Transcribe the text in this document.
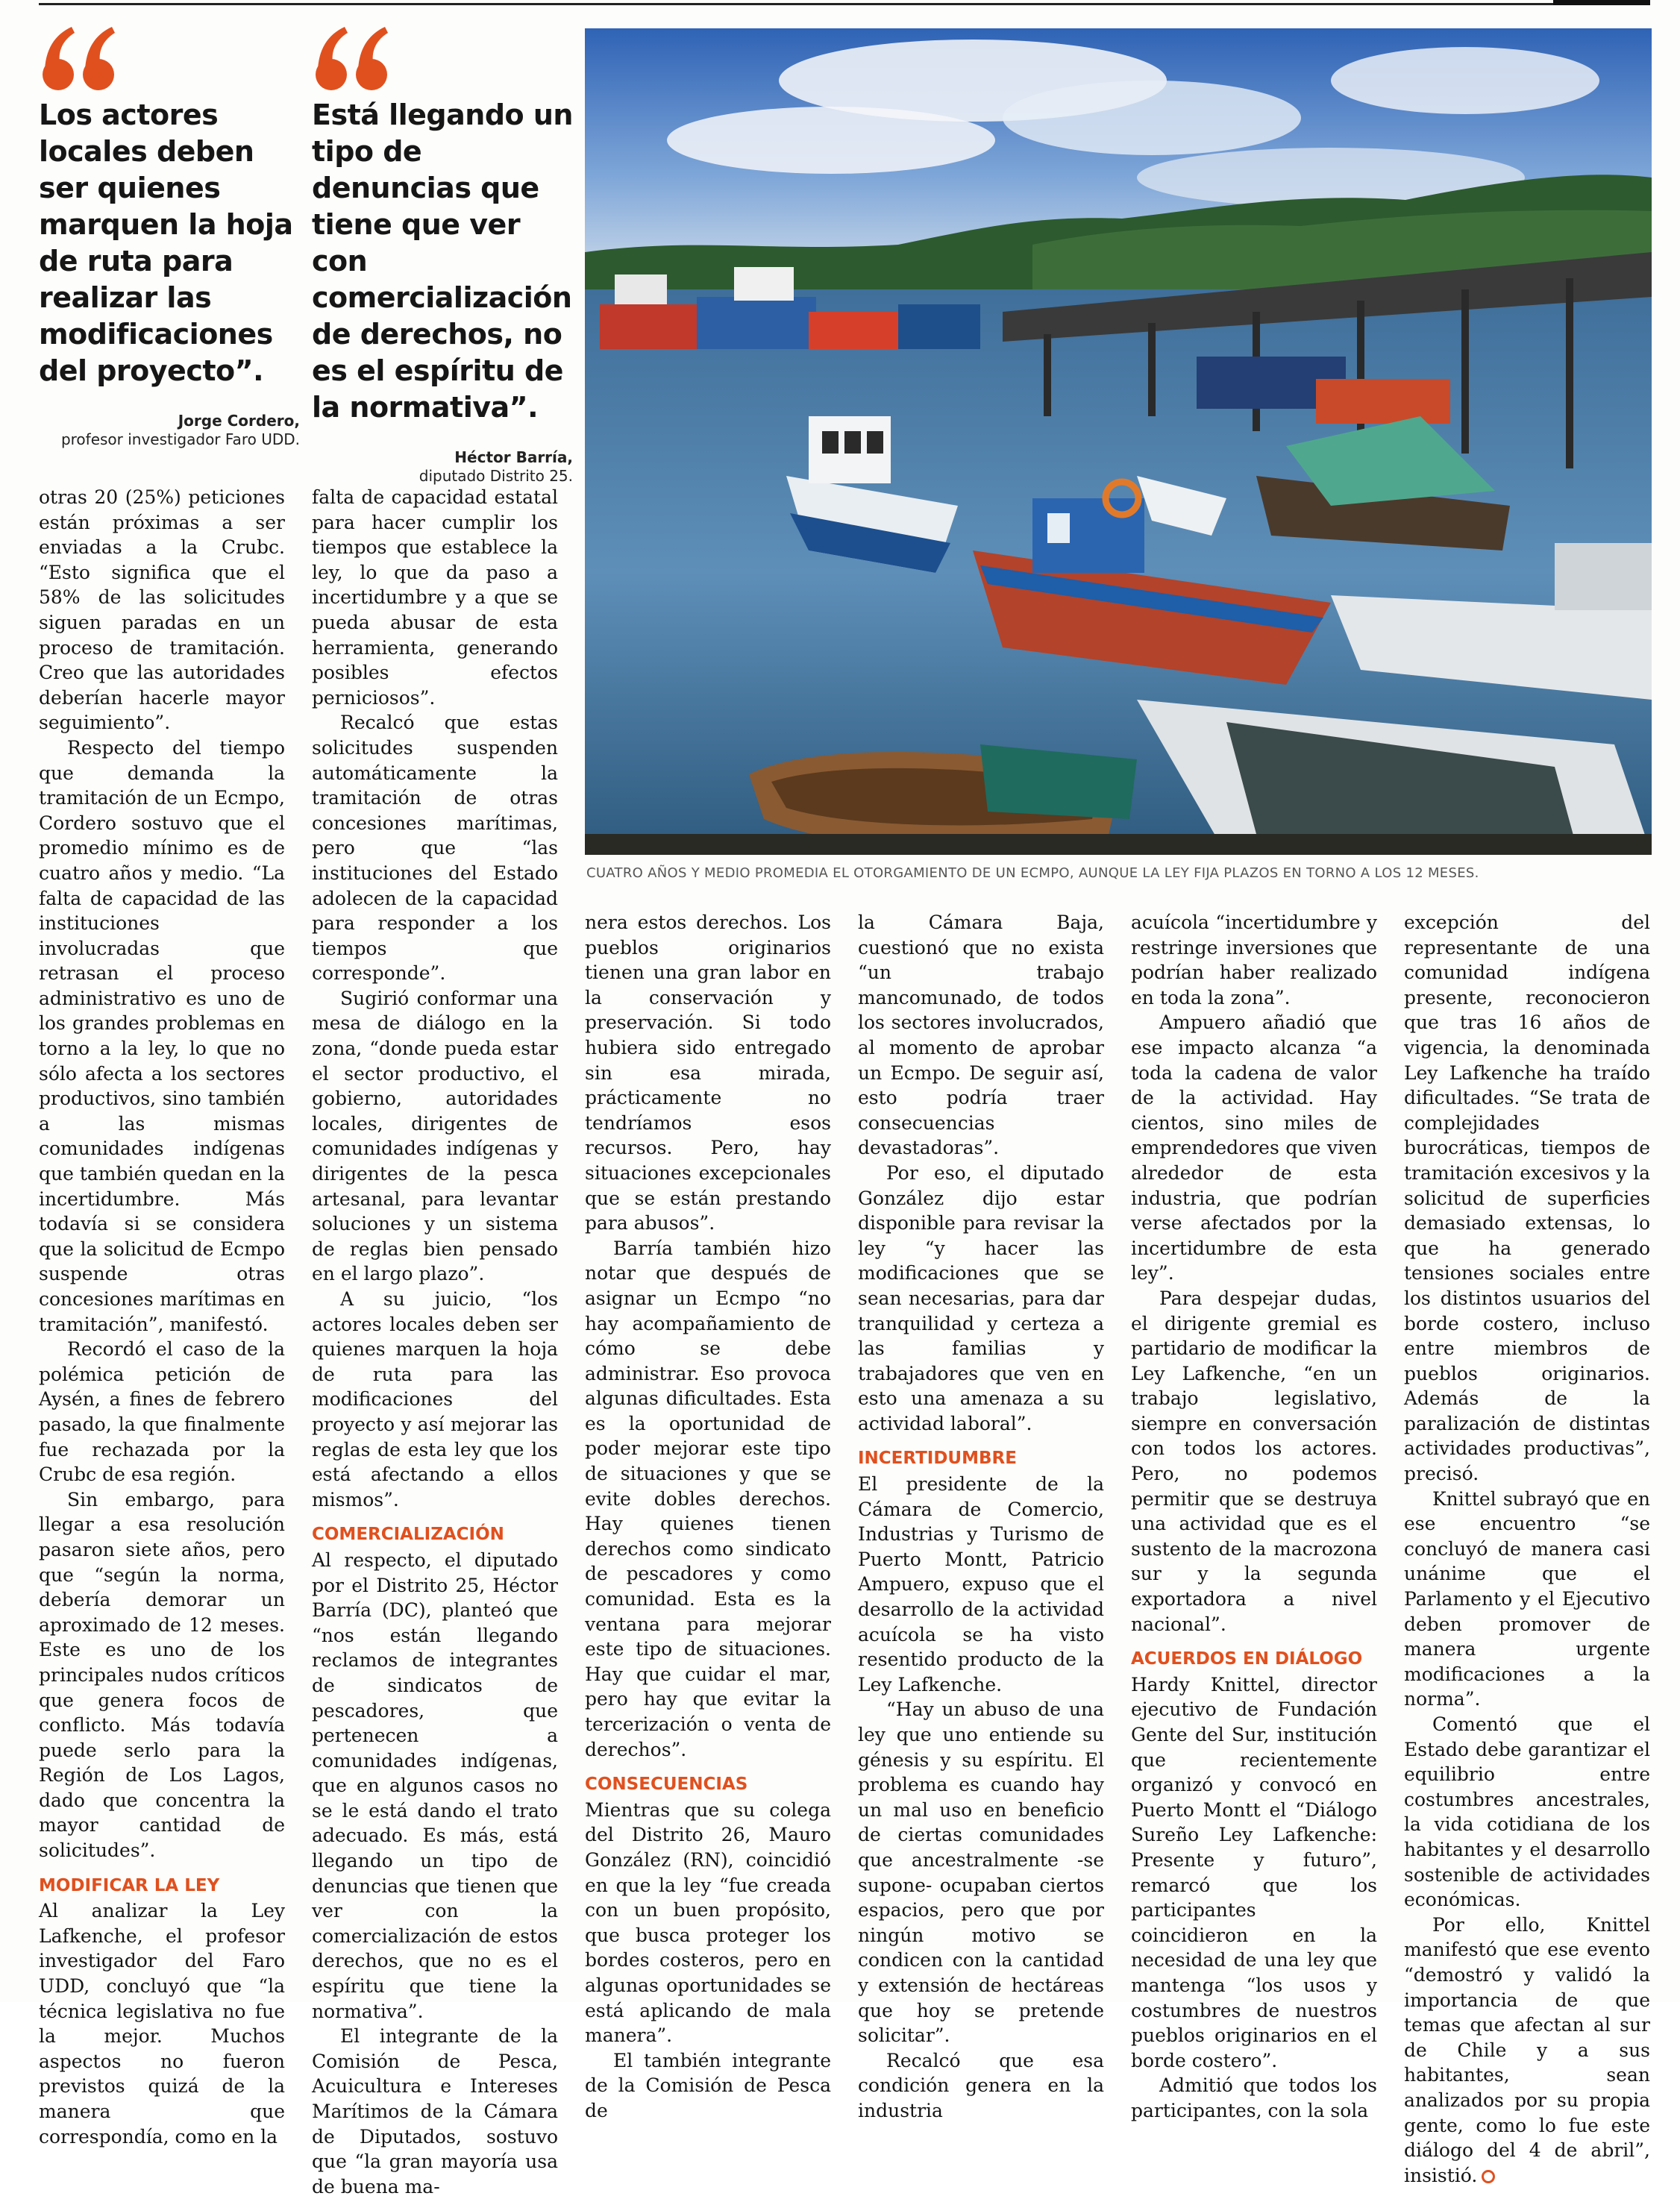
Los actores locales deben ser quienes marquen la hoja de ruta para realizar las modificaciones del proyecto”.
Jorge Cordero,
profesor investigador Faro UDD.
Está llegando un tipo de denuncias que tiene que ver con comercialización de derechos, no es el espíritu de la normativa”.
Héctor Barría,
diputado Distrito 25.
CUATRO AÑOS Y MEDIO PROMEDIA EL OTORGAMIENTO DE UN ECMPO, AUNQUE LA LEY FIJA PLAZOS EN TORNO A LOS 12 MESES.

otras 20 (25%) peticiones están próximas a ser enviadas a la Crubc. “Esto significa que el 58% de las solicitudes siguen paradas en un proceso de tramitación. Creo que las autoridades deberían hacerle mayor seguimiento”.

Respecto del tiempo que demanda la tramitación de un Ecmpo, Cordero sostuvo que el promedio mínimo es de cuatro años y medio. “La falta de capacidad de las instituciones involucradas que retrasan el proceso administrativo es uno de los grandes problemas en torno a la ley, lo que no sólo afecta a los sectores productivos, sino también a las mismas comunidades indígenas que también quedan en la incertidumbre. Más todavía si se considera que la solicitud de Ecmpo suspende otras concesiones marítimas en tramitación”, manifestó.

Recordó el caso de la polémica petición de Aysén, a fines de febrero pasado, la que finalmente fue rechazada por la Crubc de esa región.

Sin embargo, para llegar a esa resolución pasaron siete años, pero que “según la norma, debería demorar un aproximado de 12 meses. Este es uno de los principales nudos críticos que genera focos de conflicto. Más todavía puede serlo para la Región de Los Lagos, dado que concentra la mayor cantidad de solicitudes”.

MODIFICAR LA LEY

Al analizar la Ley Lafkenche, el profesor investigador del Faro UDD, concluyó que “la técnica legislativa no fue la mejor. Muchos aspectos no fueron previstos quizá de la manera que correspondía, como en la

falta de capacidad estatal para hacer cumplir los tiempos que establece la ley, lo que da paso a incertidumbre y a que se pueda abusar de esta herramienta, generando posibles efectos perniciosos”.

Recalcó que estas solicitudes suspenden automáticamente la tramitación de otras concesiones marítimas, pero que “las instituciones del Estado adolecen de la capacidad para responder a los tiempos que corresponde”.

Sugirió conformar una mesa de diálogo en la zona, “donde pueda estar el sector productivo, el gobierno, autoridades locales, dirigentes de comunidades indígenas y dirigentes de la pesca artesanal, para levantar soluciones y un sistema de reglas bien pensado en el largo plazo”.

A su juicio, “los actores locales deben ser quienes marquen la hoja de ruta para las modificaciones del proyecto y así mejorar las reglas de esta ley que los está afectando a ellos mismos”.

COMERCIALIZACIÓN

Al respecto, el diputado por el Distrito 25, Héctor Barría (DC), planteó que “nos están llegando reclamos de integrantes de sindicatos de pescadores, que pertenecen a comunidades indígenas, que en algunos casos no se le está dando el trato adecuado. Es más, está llegando un tipo de denuncias que tienen que ver con la comercialización de estos derechos, que no es el espíritu que tiene la normativa”.

El integrante de la Comisión de Pesca, Acuicultura e Intereses Marítimos de la Cámara de Diputados, sostuvo que “la gran mayoría usa de buena ma-

nera estos derechos. Los pueblos originarios tienen una gran labor en la conservación y preservación. Si todo hubiera sido entregado sin esa mirada, prácticamente no tendríamos esos recursos. Pero, hay situaciones excepcionales que se están prestando para abusos”.

Barría también hizo notar que después de asignar un Ecmpo “no hay acompañamiento de cómo se debe administrar. Eso provoca algunas dificultades. Esta es la oportunidad de poder mejorar este tipo de situaciones y que se evite dobles derechos. Hay quienes tienen derechos como sindicato de pescadores y como comunidad. Esta es la ventana para mejorar este tipo de situaciones. Hay que cuidar el mar, pero hay que evitar la tercerización o venta de derechos”.

CONSECUENCIAS

Mientras que su colega del Distrito 26, Mauro González (RN), coincidió en que la ley “fue creada con un buen propósito, que busca proteger los bordes costeros, pero en algunas oportunidades se está aplicando de mala manera”.

El también integrante de la Comisión de Pesca de

la Cámara Baja, cuestionó que no exista “un trabajo mancomunado, de todos los sectores involucrados, al momento de aprobar un Ecmpo. De seguir así, esto podría traer consecuencias devastadoras”.

Por eso, el diputado González dijo estar disponible para revisar la ley “y hacer las modificaciones que se sean necesarias, para dar tranquilidad y certeza a las familias y trabajadores que ven en esto una amenaza a su actividad laboral”.

INCERTIDUMBRE

El presidente de la Cámara de Comercio, Industrias y Turismo de Puerto Montt, Patricio Ampuero, expuso que el desarrollo de la actividad acuícola se ha visto resentido producto de la Ley Lafkenche.

“Hay un abuso de una ley que uno entiende su génesis y su espíritu. El problema es cuando hay un mal uso en beneficio de ciertas comunidades que ancestralmente -se supone- ocupaban ciertos espacios, pero que por ningún motivo se condicen con la cantidad y extensión de hectáreas que hoy se pretende solicitar”.

Recalcó que esa condición genera en la industria

acuícola “incertidumbre y restringe inversiones que podrían haber realizado en toda la zona”.

Ampuero añadió que ese impacto alcanza “a toda la cadena de valor de la actividad. Hay cientos, sino miles de emprendedores que viven alrededor de esta industria, que podrían verse afectados por la incertidumbre de esta ley”.

Para despejar dudas, el dirigente gremial es partidario de modificar la Ley Lafkenche, “en un trabajo legislativo, siempre en conversación con todos los actores. Pero, no podemos permitir que se destruya una actividad que es el sustento de la macrozona sur y la segunda exportadora a nivel nacional”.

ACUERDOS EN DIÁLOGO

Hardy Knittel, director ejecutivo de Fundación Gente del Sur, institución que recientemente organizó y convocó en Puerto Montt el “Diálogo Sureño Ley Lafkenche: Presente y futuro”, remarcó que los participantes coincidieron en la necesidad de una ley que mantenga “los usos y costumbres de nuestros pueblos originarios en el borde costero”.

Admitió que todos los participantes, con la sola

excepción del representante de una comunidad indígena presente, reconocieron que tras 16 años de vigencia, la denominada Ley Lafkenche ha traído dificultades. “Se trata de complejidades burocráticas, tiempos de tramitación excesivos y la solicitud de superficies demasiado extensas, lo que ha generado tensiones sociales entre los distintos usuarios del borde costero, incluso entre miembros de pueblos originarios. Además de la paralización de distintas actividades productivas”, precisó.

Knittel subrayó que en ese encuentro “se concluyó de manera casi unánime que el Parlamento y el Ejecutivo deben promover de manera urgente modificaciones a la norma”.

Comentó que el Estado debe garantizar el equilibrio entre costumbres ancestrales, la vida cotidiana de los habitantes y el desarrollo sostenible de actividades económicas.

Por ello, Knittel manifestó que ese evento “demostró y validó la importancia de que temas que afectan al sur de Chile y a sus habitantes, sean analizados por su propia gente, como lo fue este diálogo del 4 de abril”, insistió.
